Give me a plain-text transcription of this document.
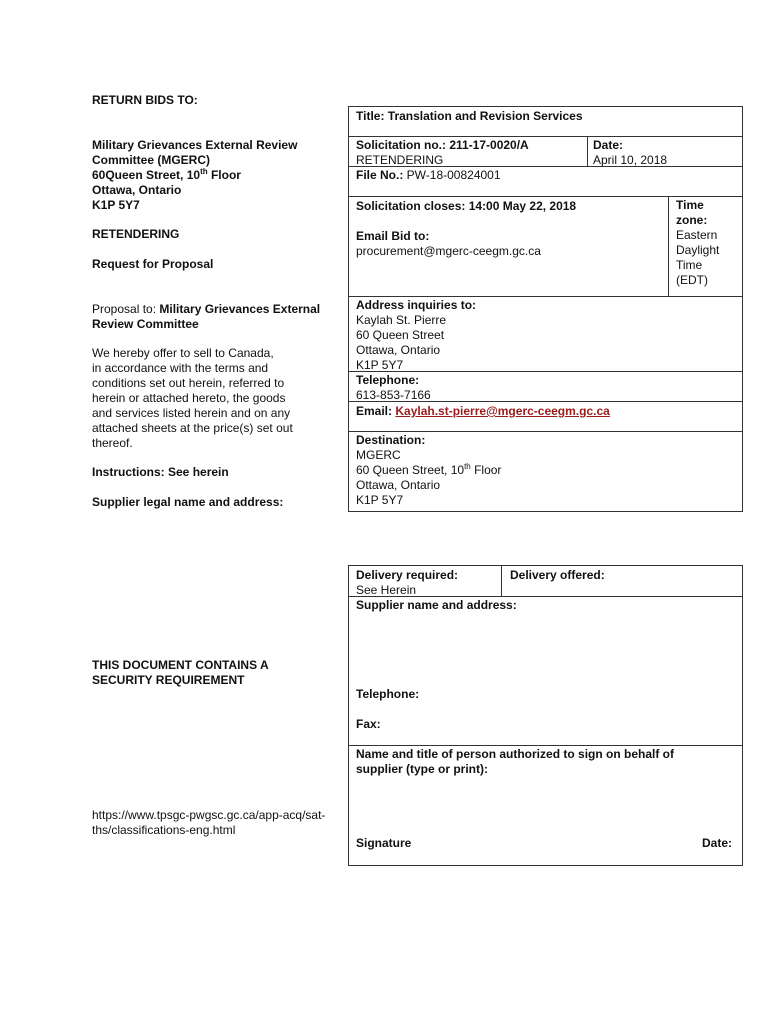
RETURN BIDS TO:
Military Grievances External Review
Committee (MGERC)
60Queen Street, 10th Floor
Ottawa, Ontario
K1P 5Y7
RETENDERING
Request for Proposal
Proposal to: Military Grievances External
Review Committee
We hereby offer to sell to Canada,
in accordance with the terms and
conditions set out herein, referred to
herein or attached hereto, the goods
and services listed herein and on any
attached sheets at the price(s) set out
thereof.
Instructions: See herein
Supplier legal name and address:
THIS DOCUMENT CONTAINS A
SECURITY REQUIREMENT
https://www.tpsgc-pwgsc.gc.ca/app-acq/sat-
ths/classifications-eng.html
Title: Translation and Revision Services
Solicitation no.: 211-17-0020/A
RETENDERING
Date:
April 10, 2018
File No.: PW-18-00824001
Solicitation closes: 14:00 May 22, 2018
Email Bid to:
procurement@mgerc-ceegm.gc.ca
Time
zone:
Eastern
Daylight
Time
(EDT)
Address inquiries to:
Kaylah St. Pierre
60 Queen Street
Ottawa, Ontario
K1P 5Y7
Telephone:
613-853-7166
Email: Kaylah.st-pierre@mgerc-ceegm.gc.ca
Destination:
MGERC
60 Queen Street, 10th Floor
Ottawa, Ontario
K1P 5Y7
Delivery required:
See Herein
Delivery offered:
Supplier name and address:
Telephone:
Fax:
Name and title of person authorized to sign on behalf of
supplier (type or print):
Signature	Date:
